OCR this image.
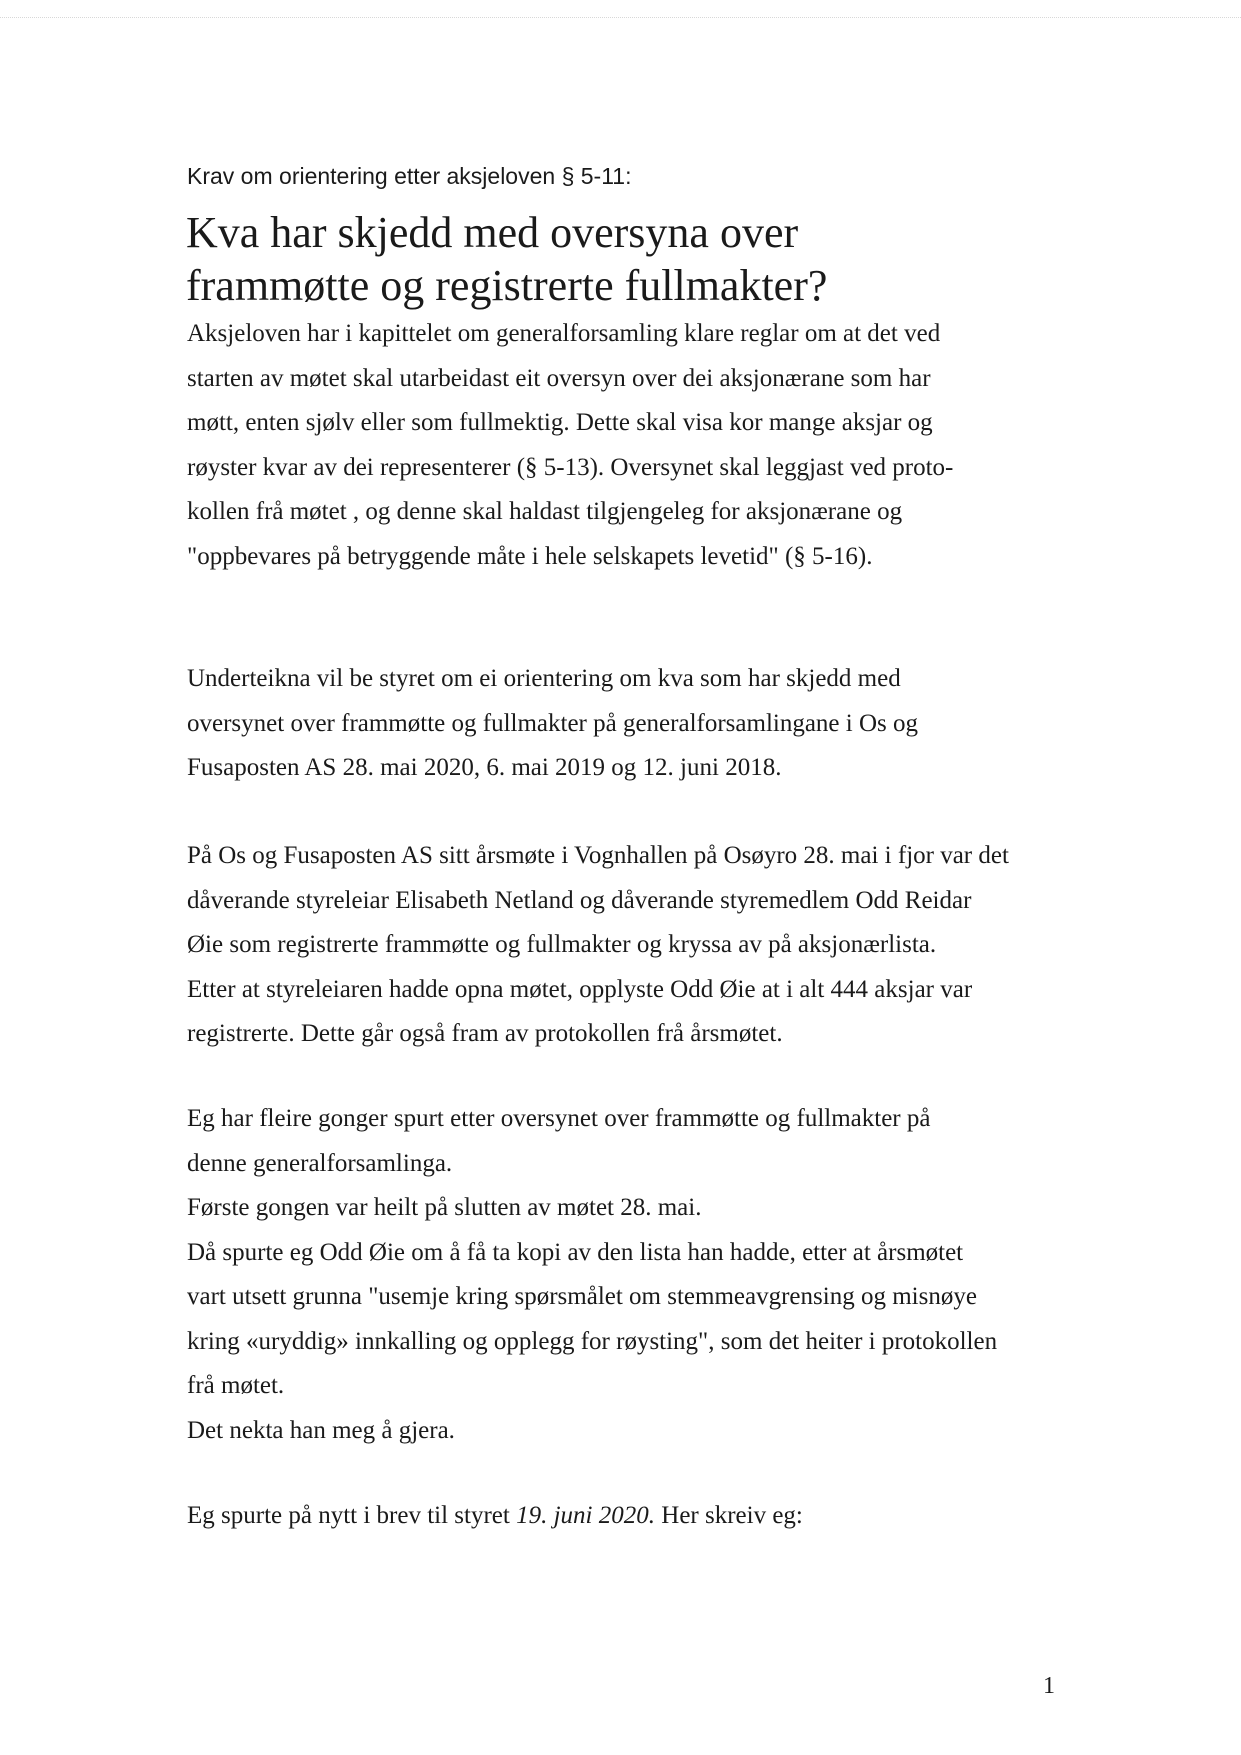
Krav om orientering etter aksjeloven § 5-11:
Kva har skjedd med oversyna over
frammøtte og registrerte fullmakter?
Aksjeloven har i kapittelet om generalforsamling klare reglar om at det ved
starten av møtet skal utarbeidast eit oversyn over dei aksjonærane som har
møtt, enten sjølv eller som fullmektig. Dette skal visa kor mange aksjar og
røyster kvar av dei representerer (§ 5-13). Oversynet skal leggjast ved proto-
kollen frå møtet , og denne skal haldast tilgjengeleg for aksjonærane og
"oppbevares på betryggende måte i hele selskapets levetid" (§ 5-16).
Underteikna vil be styret om ei orientering om kva som har skjedd med
oversynet over frammøtte og fullmakter på generalforsamlingane i Os og
Fusaposten AS 28. mai 2020, 6. mai 2019 og 12. juni 2018.
På Os og Fusaposten AS sitt årsmøte i Vognhallen på Osøyro 28. mai i fjor var det
dåverande styreleiar Elisabeth Netland og dåverande styremedlem Odd Reidar
Øie som registrerte frammøtte og fullmakter og kryssa av på aksjonærlista.
Etter at styreleiaren hadde opna møtet, opplyste Odd Øie at i alt 444 aksjar var
registrerte. Dette går også fram av protokollen frå årsmøtet.
Eg har fleire gonger spurt etter oversynet over frammøtte og fullmakter på
denne generalforsamlinga.
Første gongen var heilt på slutten av møtet 28. mai.
Då spurte eg Odd Øie om å få ta kopi av den lista han hadde, etter at årsmøtet
vart utsett grunna "usemje kring spørsmålet om stemmeavgrensing og misnøye
kring «uryddig» innkalling og opplegg for røysting", som det heiter i protokollen
frå møtet.
Det nekta han meg å gjera.
Eg spurte på nytt i brev til styret 19. juni 2020. Her skreiv eg:
1
